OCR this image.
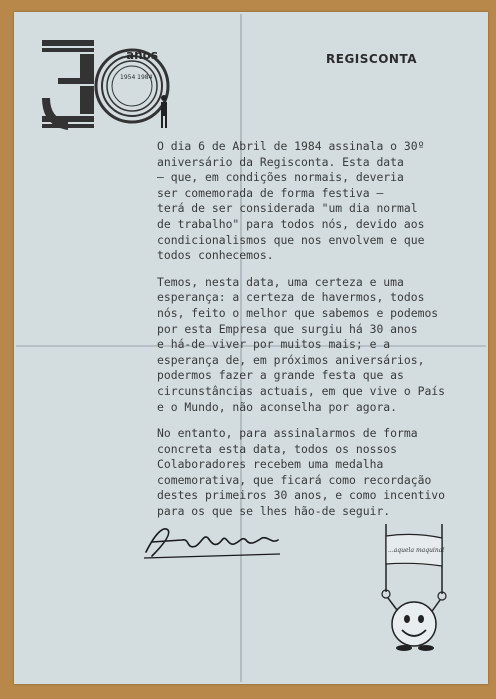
anos
1954 1984
REGISCONTA

O dia 6 de Abril de 1984 assinala o 30º
aniversário da Regisconta. Esta data
– que, em condições normais, deveria
ser comemorada de forma festiva –
terá de ser considerada "um dia normal
de trabalho" para todos nós, devido aos
condicionalismos que nos envolvem e que
todos conhecemos.

Temos, nesta data, uma certeza e uma
esperança: a certeza de havermos, todos
nós, feito o melhor que sabemos e podemos
por esta Empresa que surgiu há 30 anos
e há-de viver por muitos mais; e a
esperança de, em próximos aniversários,
podermos fazer a grande festa que as
circunstâncias actuais, em que vive o País
e o Mundo, não aconselha por agora.

No entanto, para assinalarmos de forma
concreta esta data, todos os nossos
Colaboradores recebem uma medalha
comemorativa, que ficará como recordação
destes primeiros 30 anos, e como incentivo
para os que se lhes hão-de seguir.

...aquela maquina!
